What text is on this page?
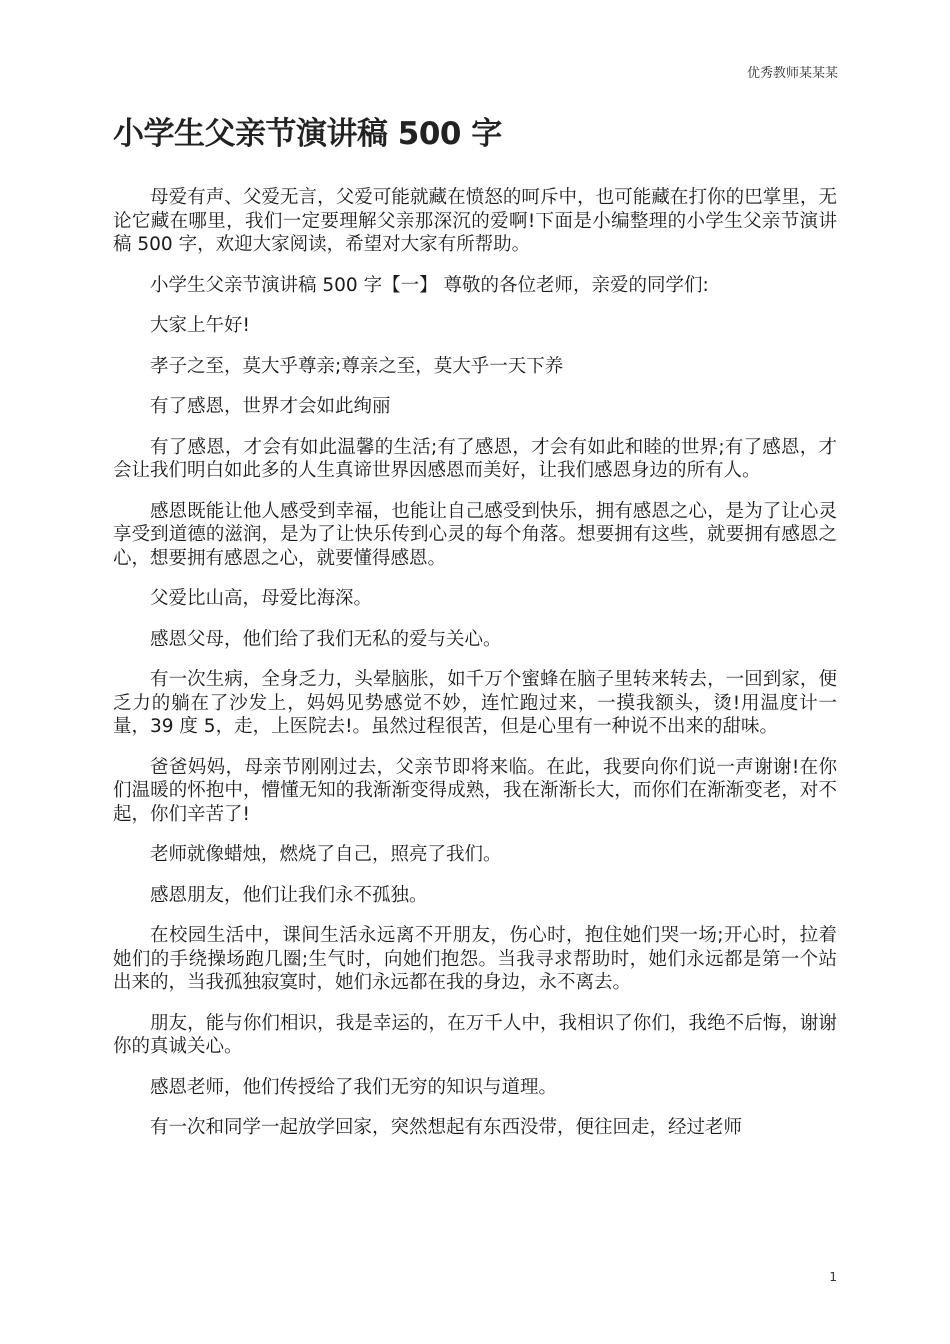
优秀教师某某某
小学生父亲节演讲稿 500 字

母爱有声、父爱无言，父爱可能就藏在愤怒的呵斥中，也可能藏在打你的巴掌里，无论它藏在哪里，我们一定要理解父亲那深沉的爱啊!下面是小编整理的小学生父亲节演讲稿 500 字，欢迎大家阅读，希望对大家有所帮助。

小学生父亲节演讲稿 500 字【一】 尊敬的各位老师，亲爱的同学们:

大家上午好!

孝子之至，莫大乎尊亲;尊亲之至，莫大乎一天下养

有了感恩，世界才会如此绚丽

有了感恩，才会有如此温馨的生活;有了感恩，才会有如此和睦的世界;有了感恩，才会让我们明白如此多的人生真谛世界因感恩而美好，让我们感恩身边的所有人。

感恩既能让他人感受到幸福，也能让自己感受到快乐，拥有感恩之心，是为了让心灵享受到道德的滋润，是为了让快乐传到心灵的每个角落。想要拥有这些，就要拥有感恩之心，想要拥有感恩之心，就要懂得感恩。

父爱比山高，母爱比海深。

感恩父母，他们给了我们无私的爱与关心。

有一次生病，全身乏力，头晕脑胀，如千万个蜜蜂在脑子里转来转去，一回到家，便乏力的躺在了沙发上，妈妈见势感觉不妙，连忙跑过来，一摸我额头，烫!用温度计一量，39 度 5，走，上医院去!。虽然过程很苦，但是心里有一种说不出来的甜味。

爸爸妈妈，母亲节刚刚过去，父亲节即将来临。在此，我要向你们说一声谢谢!在你们温暖的怀抱中，懵懂无知的我渐渐变得成熟，我在渐渐长大，而你们在渐渐变老，对不起，你们辛苦了!

老师就像蜡烛，燃烧了自己，照亮了我们。

感恩朋友，他们让我们永不孤独。

在校园生活中，课间生活永远离不开朋友，伤心时，抱住她们哭一场;开心时，拉着她们的手绕操场跑几圈;生气时，向她们抱怨。当我寻求帮助时，她们永远都是第一个站出来的，当我孤独寂寞时，她们永远都在我的身边，永不离去。

朋友，能与你们相识，我是幸运的，在万千人中，我相识了你们，我绝不后悔，谢谢你的真诚关心。

感恩老师，他们传授给了我们无穷的知识与道理。

有一次和同学一起放学回家，突然想起有东西没带，便往回走，经过老师

1
